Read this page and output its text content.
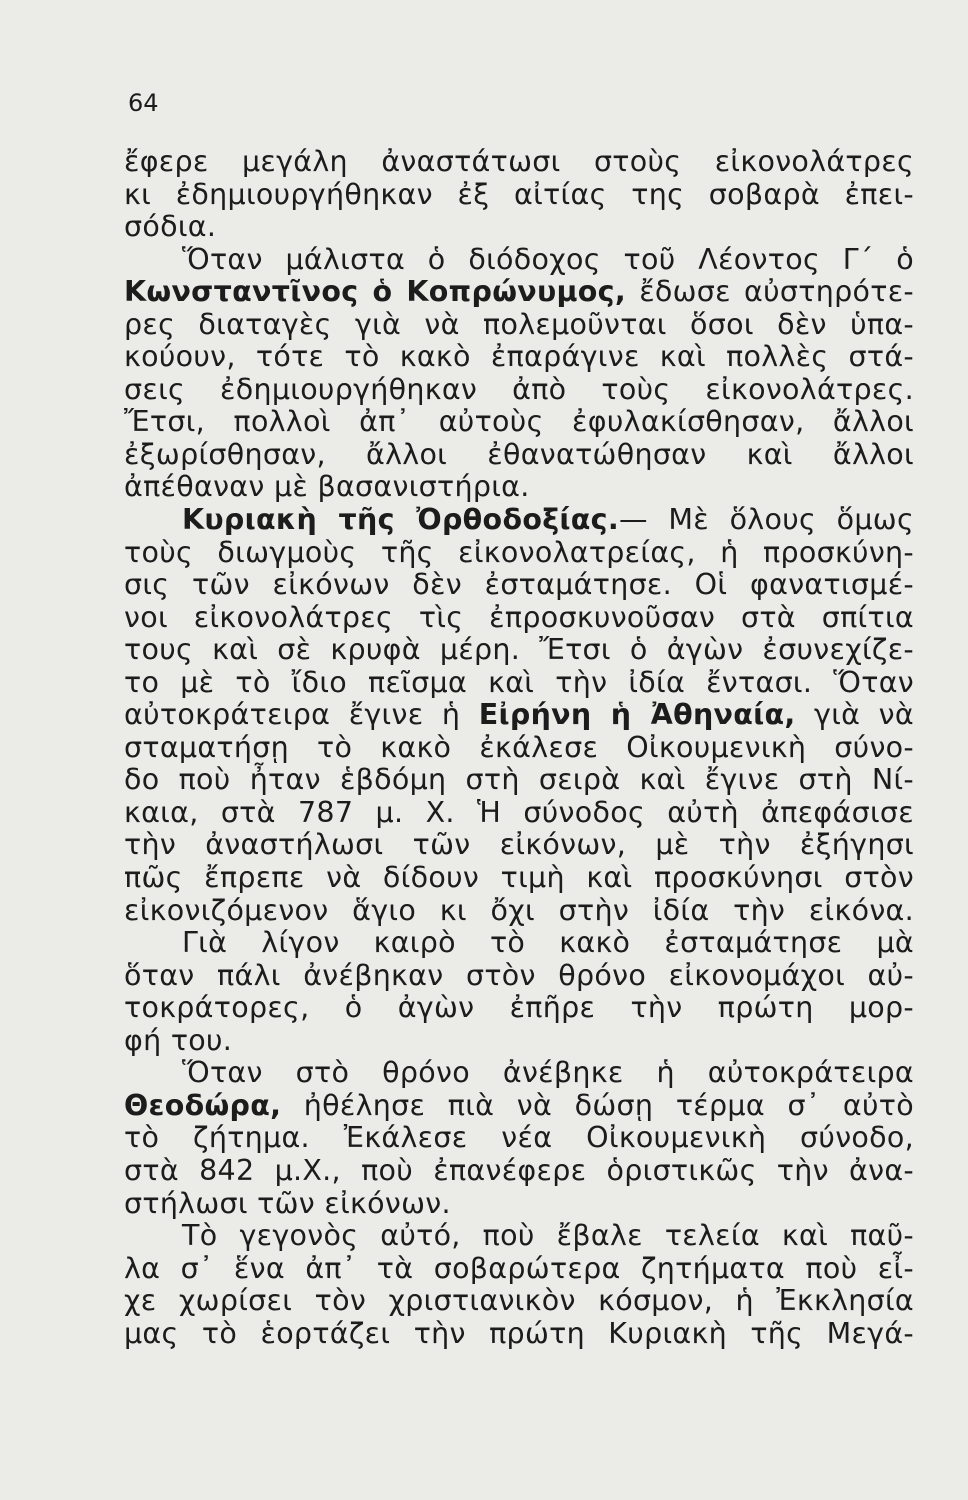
64
ἔφερε μεγάλη ἀναστάτωσι στοὺς εἰκονολάτρες
κι ἐδημιουργήθηκαν ἐξ αἰτίας της σοβαρὰ ἐπει-
σόδια.
Ὅταν μάλιστα ὁ διόδοχος τοῦ Λέοντος Γ΄ ὁ
Κωνσταντῖνος ὁ Κοπρώνυμος, ἔδωσε αὐστηρότε-
ρες διαταγὲς γιὰ νὰ πολεμοῦνται ὅσοι δὲν ὑπα-
κούουν, τότε τὸ κακὸ ἐπαράγινε καὶ πολλὲς στά-
σεις ἐδημιουργήθηκαν ἀπὸ τοὺς εἰκονολάτρες.
Ἔτσι, πολλοὶ ἀπ᾽ αὐτοὺς ἐφυλακίσθησαν, ἄλλοι
ἐξωρίσθησαν, ἄλλοι ἐθανατώθησαν καὶ ἄλλοι
ἀπέθαναν μὲ βασανιστήρια.
Κυριακὴ τῆς Ὀρθοδοξίας.— Μὲ ὅλους ὅμως
τοὺς διωγμοὺς τῆς εἰκονολατρείας, ἡ προσκύνη-
σις τῶν εἰκόνων δὲν ἐσταμάτησε. Οἱ φανατισμέ-
νοι εἰκονολάτρες τὶς ἐπροσκυνοῦσαν στὰ σπίτια
τους καὶ σὲ κρυφὰ μέρη. Ἔτσι ὁ ἀγὼν ἐσυνεχίζε-
το μὲ τὸ ἴδιο πεῖσμα καὶ τὴν ἰδία ἔντασι. Ὅταν
αὐτοκράτειρα ἔγινε ἡ Εἰρήνη ἡ Ἀθηναία, γιὰ νὰ
σταματήσῃ τὸ κακὸ ἐκάλεσε Οἰκουμενικὴ σύνο-
δο ποὺ ἦταν ἑβδόμη στὴ σειρὰ καὶ ἔγινε στὴ Νί-
καια, στὰ 787 μ. Χ. Ἡ σύνοδος αὐτὴ ἀπεφάσισε
τὴν ἀναστήλωσι τῶν εἰκόνων, μὲ τὴν ἐξήγησι
πῶς ἔπρεπε νὰ δίδουν τιμὴ καὶ προσκύνησι στὸν
εἰκονιζόμενον ἅγιο κι ὄχι στὴν ἰδία τὴν εἰκόνα.
Γιὰ λίγον καιρὸ τὸ κακὸ ἐσταμάτησε μὰ
ὅταν πάλι ἀνέβηκαν στὸν θρόνο εἰκονομάχοι αὐ-
τοκράτορες, ὁ ἀγὼν ἐπῆρε τὴν πρώτη μορ-
φή του.
Ὅταν στὸ θρόνο ἀνέβηκε ἡ αὐτοκράτειρα
Θεοδώρα, ἠθέλησε πιὰ νὰ δώσῃ τέρμα σ᾽ αὐτὸ
τὸ ζήτημα. Ἐκάλεσε νέα Οἰκουμενικὴ σύνοδο,
στὰ 842 μ.Χ., ποὺ ἐπανέφερε ὁριστικῶς τὴν ἀνα-
στήλωσι τῶν εἰκόνων.
Τὸ γεγονὸς αὐτό, ποὺ ἔβαλε τελεία καὶ παῦ-
λα σ᾽ ἕνα ἀπ᾽ τὰ σοβαρώτερα ζητήματα ποὺ εἶ-
χε χωρίσει τὸν χριστιανικὸν κόσμον, ἡ Ἐκκλησία
μας τὸ ἑορτάζει τὴν πρώτη Κυριακὴ τῆς Μεγά-
